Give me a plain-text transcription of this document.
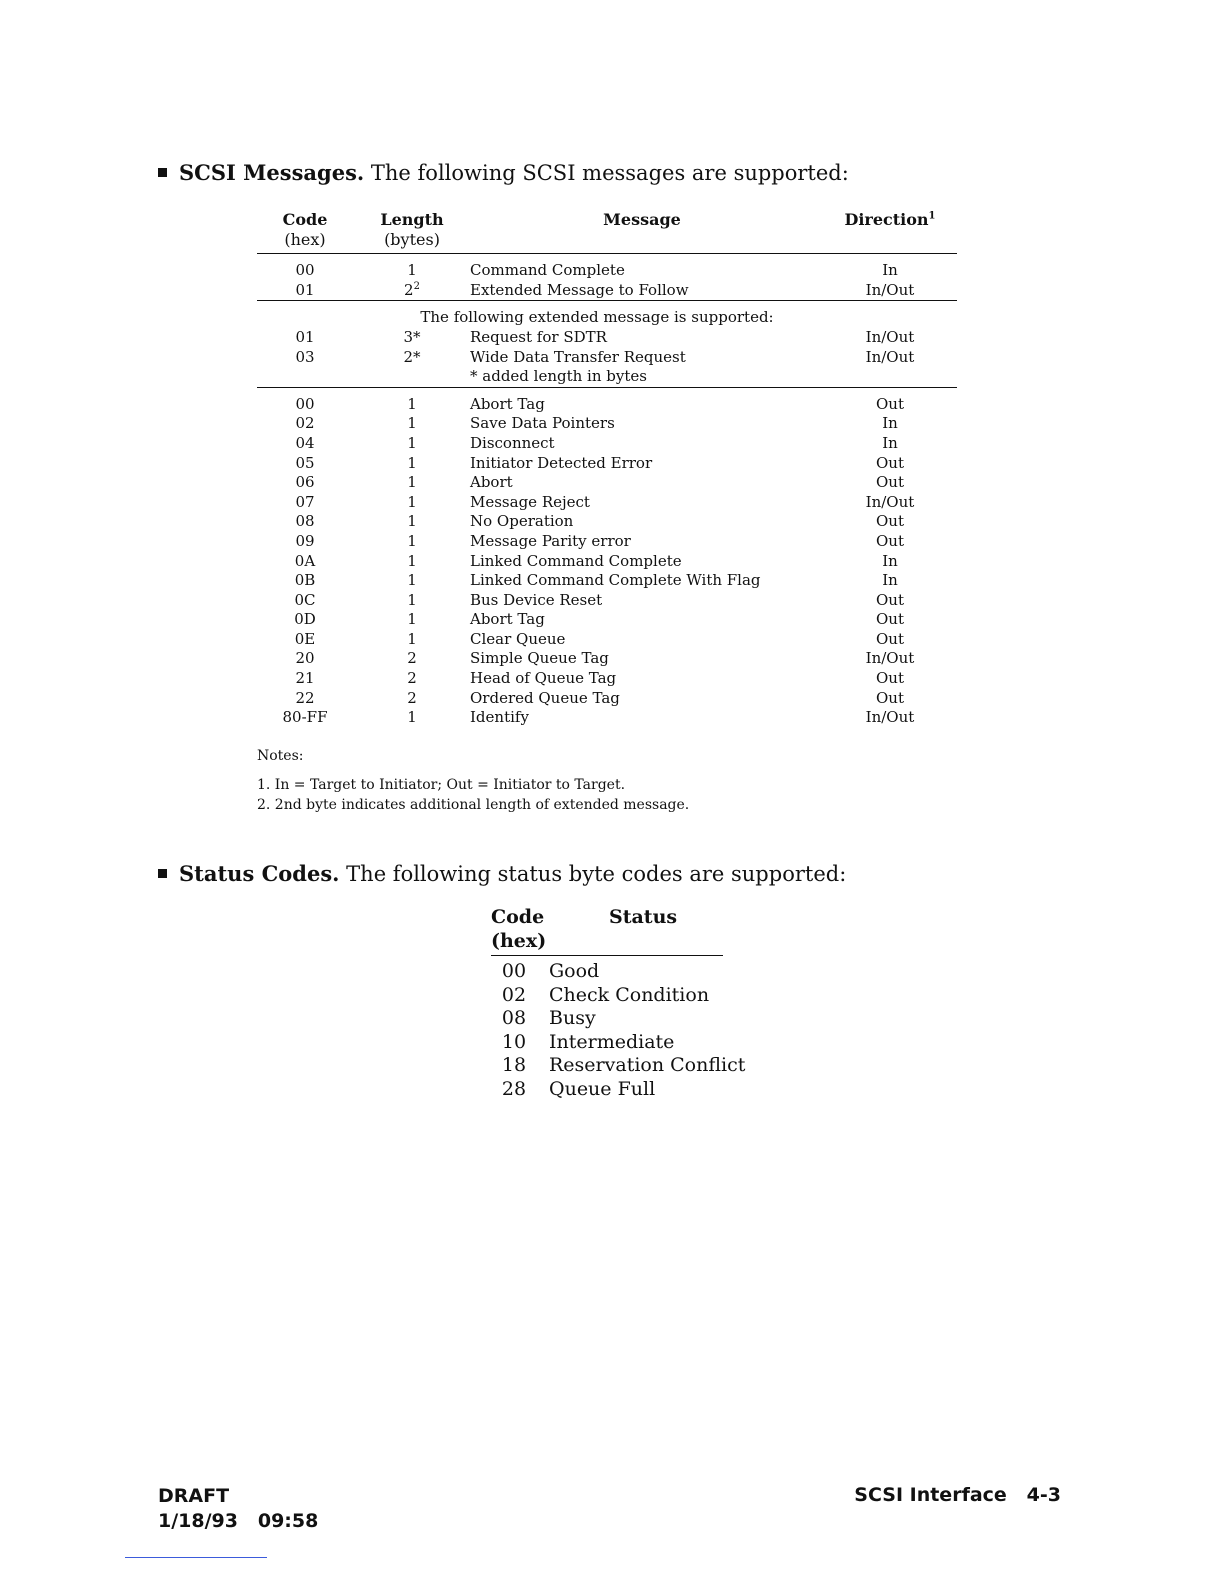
SCSI Messages. The following SCSI messages are supported:
Code	Length	Message	Direction$^1$
(hex)	(bytes)
00	1	Command Complete	In
01	$2^2$	Extended Message to Follow	In/Out
The following extended message is supported:
01	3*	Request for SDTR	In/Out
03	2*	Wide Data Transfer Request	In/Out
* added length in bytes
00	1	Abort Tag	Out
02	1	Save Data Pointers	In
04	1	Disconnect	In
05	1	Initiator Detected Error	Out
06	1	Abort	Out
07	1	Message Reject	In/Out
08	1	No Operation	Out
09	1	Message Parity error	Out
0A	1	Linked Command Complete	In
0B	1	Linked Command Complete With Flag	In
0C	1	Bus Device Reset	Out
0D	1	Abort Tag	Out
0E	1	Clear Queue	Out
20	2	Simple Queue Tag	In/Out
21	2	Head of Queue Tag	Out
22	2	Ordered Queue Tag	Out
80-FF	1	Identify	In/Out
Notes:
1. In = Target to Initiator; Out = Initiator to Target.
2. 2nd byte indicates additional length of extended message.
Status Codes. The following status byte codes are supported:
Code	Status
(hex)
00	Good
02	Check Condition
08	Busy
10	Intermediate
18	Reservation Conflict
28	Queue Full
DRAFT
1/18/93 09:58
SCSI Interface 4-3
